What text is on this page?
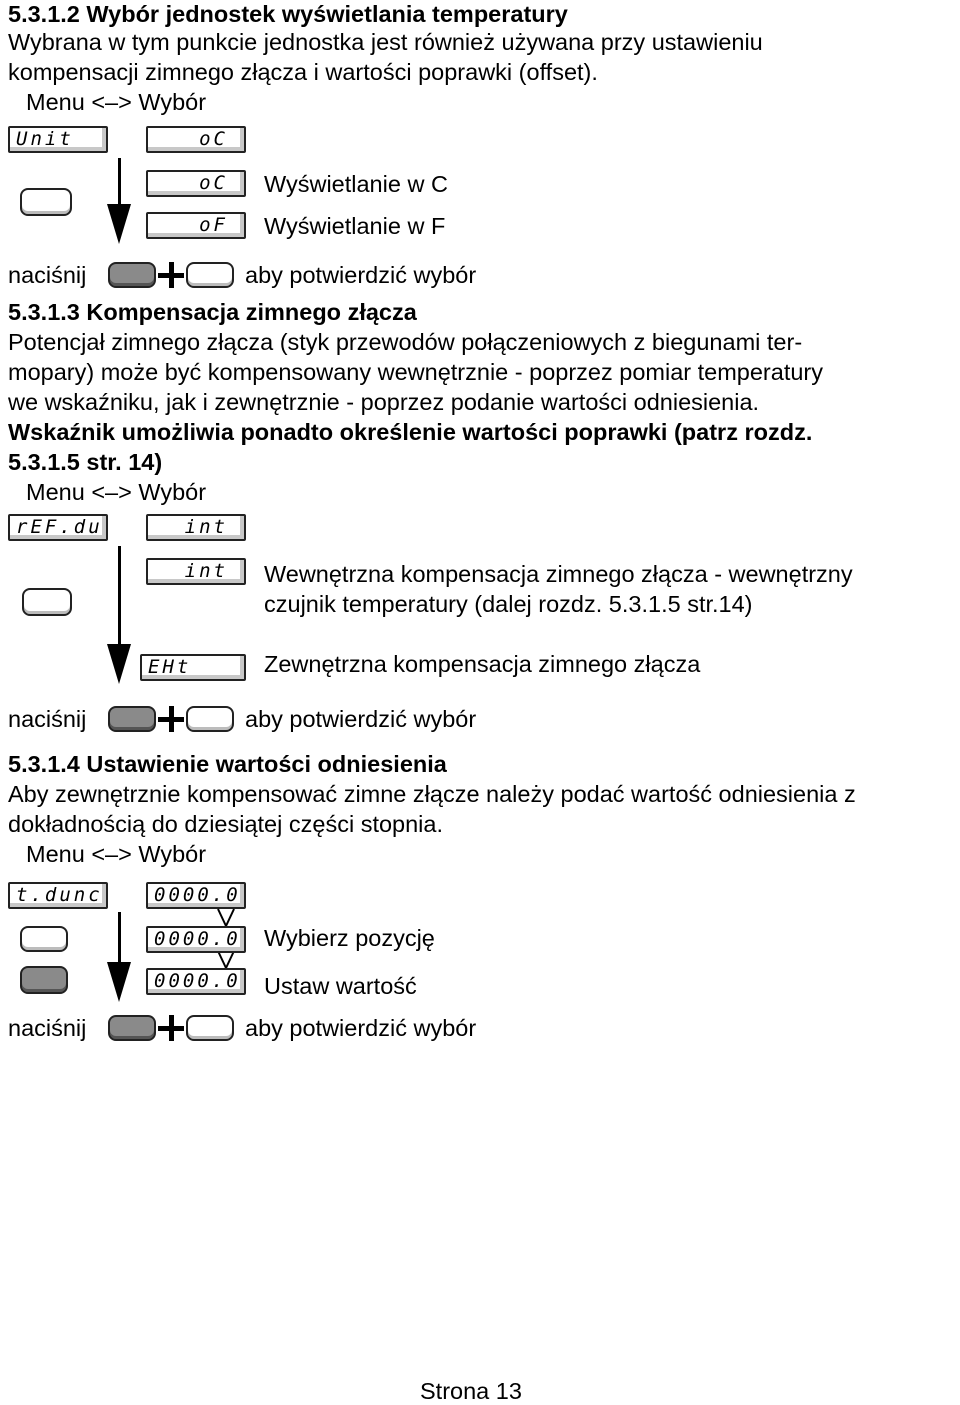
5.3.1.2 Wybór jednostek wyświetlania temperatury
Wybrana w tym punkcie jednostka jest również używana przy ustawieniu
kompensacji zimnego złącza i wartości poprawki (offset).
Menu <–> Wybór
Unit	oC
oC	Wyświetlanie w C
oF	Wyświetlanie w F
naciśnij	aby potwierdzić wybór
5.3.1.3 Kompensacja zimnego złącza
Potencjał zimnego złącza (styk przewodów połączeniowych z biegunami ter-
mopary) może być kompensowany wewnętrznie - poprzez pomiar temperatury
we wskaźniku, jak i zewnętrznie - poprzez podanie wartości odniesienia.
Wskaźnik umożliwia ponadto określenie wartości poprawki (patrz rozdz.
5.3.1.5 str. 14)
Menu <–> Wybór
rEF.du	int
int	Wewnętrzna kompensacja zimnego złącza - wewnętrzny
czujnik temperatury (dalej rozdz. 5.3.1.5 str.14)
EHt	Zewnętrzna kompensacja zimnego złącza
naciśnij	aby potwierdzić wybór
5.3.1.4 Ustawienie wartości odniesienia
Aby zewnętrznie kompensować zimne złącze należy podać wartość odniesienia z
dokładnością do dziesiątej części stopnia.
Menu <–> Wybór
t.dunc	0000.0
0000.0 Wybierz pozycję
0000.0 Ustaw wartość
naciśnij	aby potwierdzić wybór
Strona 13
